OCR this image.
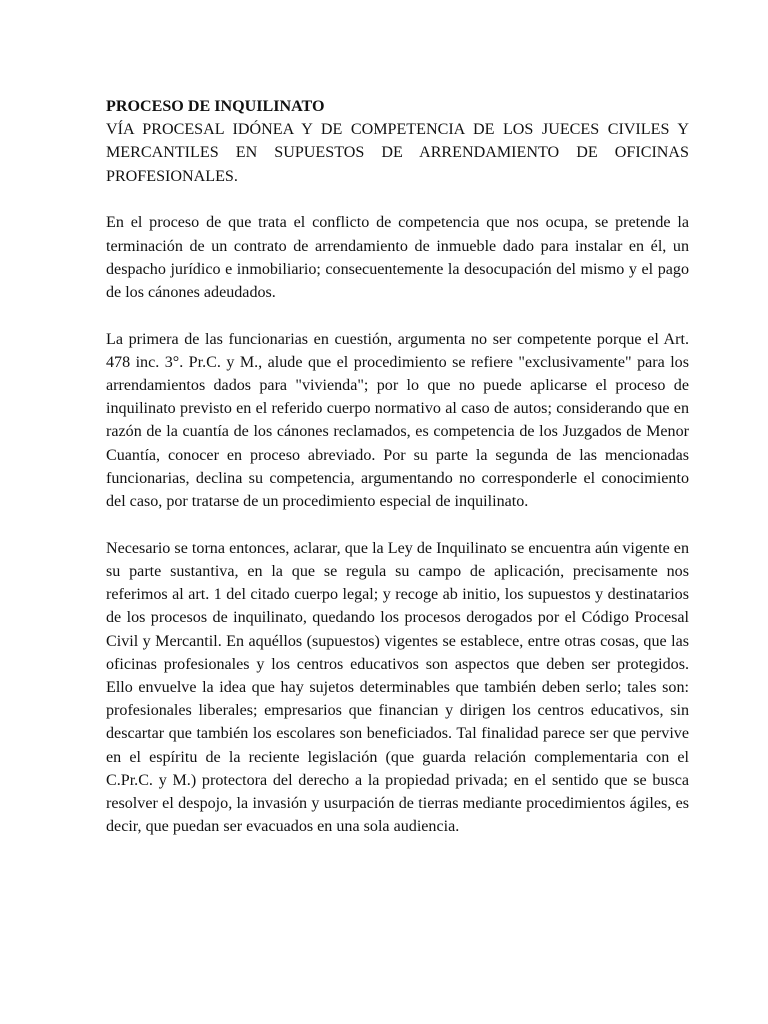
PROCESO DE INQUILINATO
VÍA PROCESAL IDÓNEA Y DE COMPETENCIA DE LOS JUECES CIVILES Y MERCANTILES EN SUPUESTOS DE ARRENDAMIENTO DE OFICINAS PROFESIONALES.

En el proceso de que trata el conflicto de competencia que nos ocupa, se pretende la terminación de un contrato de arrendamiento de inmueble dado para instalar en él, un despacho jurídico e inmobiliario; consecuentemente la desocupación del mismo y el pago de los cánones adeudados.

La primera de las funcionarias en cuestión, argumenta no ser competente porque el Art. 478 inc. 3°. Pr.C. y M., alude que el procedimiento se refiere "exclusivamente" para los arrendamientos dados para "vivienda"; por lo que no puede aplicarse el proceso de inquilinato previsto en el referido cuerpo normativo al caso de autos; considerando que en razón de la cuantía de los cánones reclamados, es competencia de los Juzgados de Menor Cuantía, conocer en proceso abreviado. Por su parte la segunda de las mencionadas funcionarias, declina su competencia, argumentando no corresponderle el conocimiento del caso, por tratarse de un procedimiento especial de inquilinato.

Necesario se torna entonces, aclarar, que la Ley de Inquilinato se encuentra aún vigente en su parte sustantiva, en la que se regula su campo de aplicación, precisamente nos referimos al art. 1 del citado cuerpo legal; y recoge ab initio, los supuestos y destinatarios de los procesos de inquilinato, quedando los procesos derogados por el Código Procesal Civil y Mercantil. En aquéllos (supuestos) vigentes se establece, entre otras cosas, que las oficinas profesionales y los centros educativos son aspectos que deben ser protegidos. Ello envuelve la idea que hay sujetos determinables que también deben serlo; tales son: profesionales liberales; empresarios que financian y dirigen los centros educativos, sin descartar que también los escolares son beneficiados. Tal finalidad parece ser que pervive en el espíritu de la reciente legislación (que guarda relación complementaria con el C.Pr.C. y M.) protectora del derecho a la propiedad privada; en el sentido que se busca resolver el despojo, la invasión y usurpación de tierras mediante procedimientos ágiles, es decir, que puedan ser evacuados en una sola audiencia.
